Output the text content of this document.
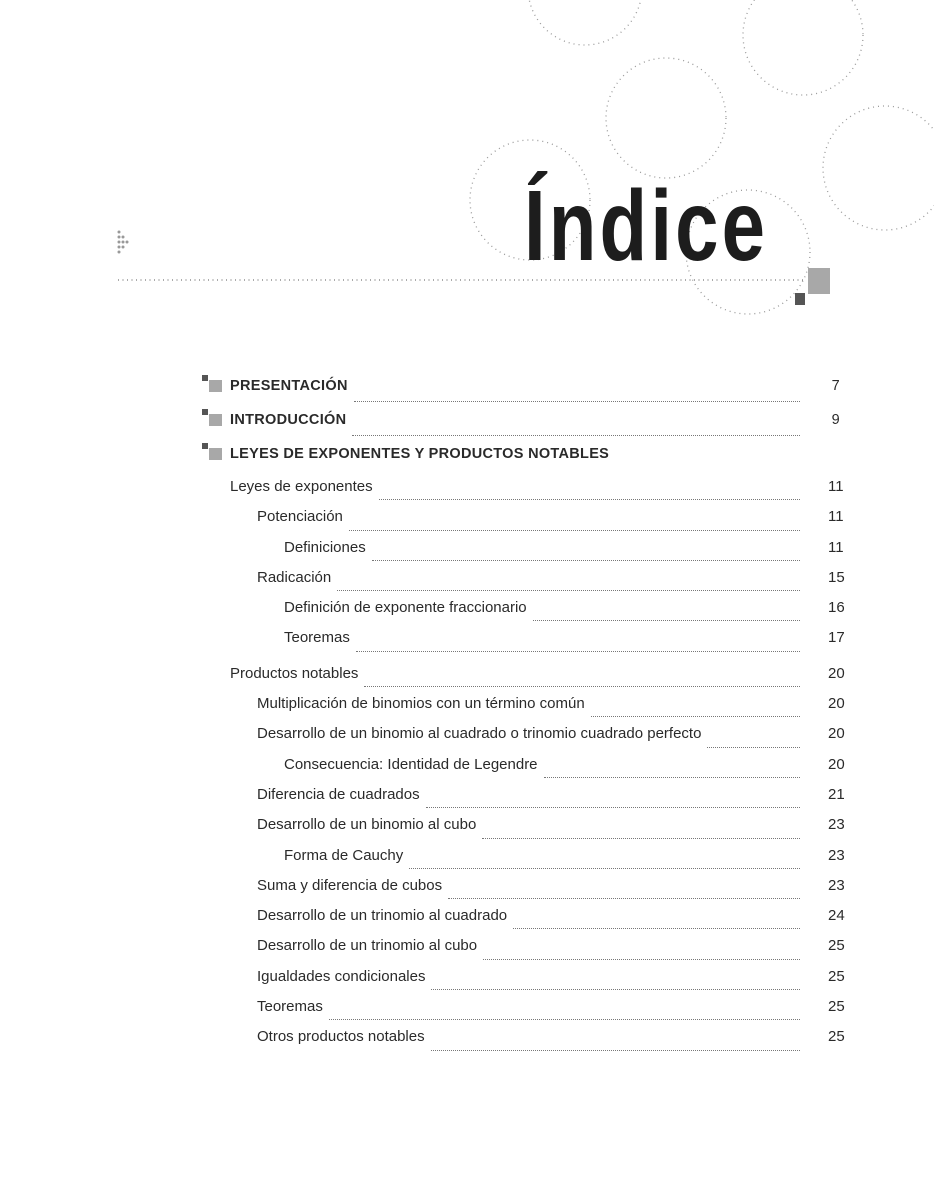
Índice
PRESENTACIÓN	7
INTRODUCCIÓN	9
LEYES DE EXPONENTES Y PRODUCTOS NOTABLES
Leyes de exponentes	11
Potenciación	11
Definiciones	11
Radicación	15
Definición de exponente fraccionario	16
Teoremas	17
Productos notables	20
Multiplicación de binomios con un término común	20
Desarrollo de un binomio al cuadrado o trinomio cuadrado perfecto	20
Consecuencia: Identidad de Legendre	20
Diferencia de cuadrados	21
Desarrollo de un binomio al cubo	23
Forma de Cauchy	23
Suma y diferencia de cubos	23
Desarrollo de un trinomio al cuadrado	24
Desarrollo de un trinomio al cubo	25
Igualdades condicionales	25
Teoremas	25
Otros productos notables	25
